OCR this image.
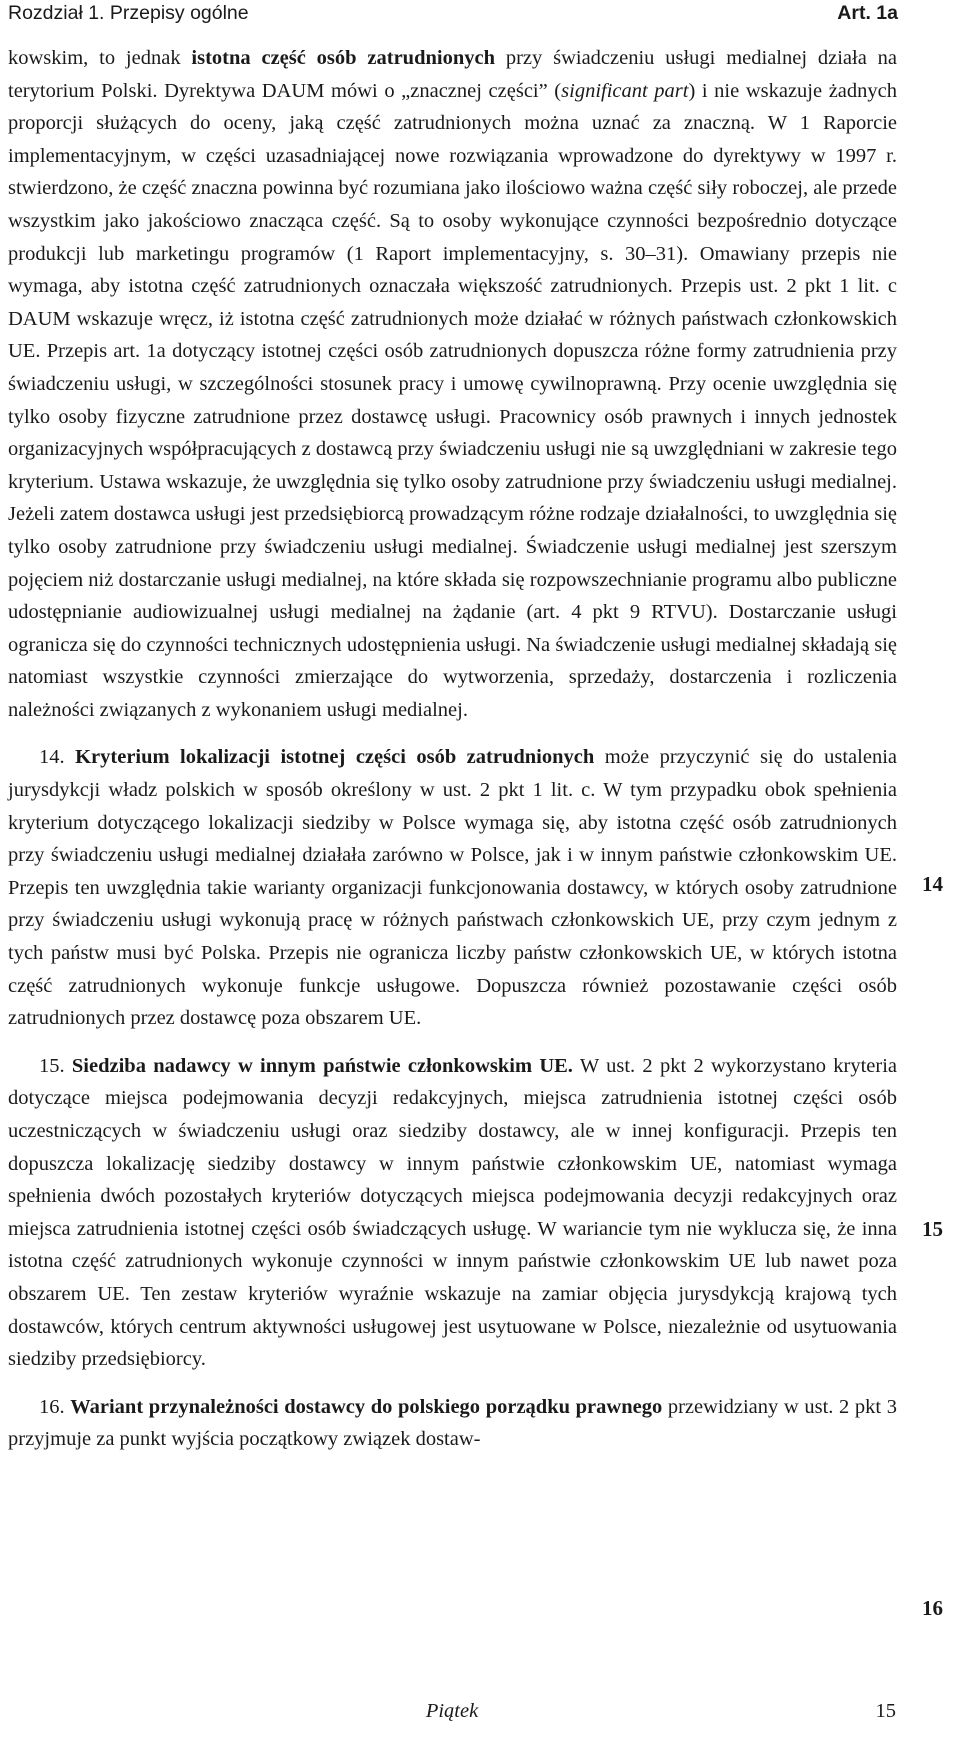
Rozdział 1. Przepisy ogólne	Art. 1a

kowskim, to jednak istotna część osób zatrudnionych przy świadczeniu usługi medialnej działa na terytorium Polski. Dyrektywa DAUM mówi o „znacznej części” (significant part) i nie wskazuje żadnych proporcji służących do oceny, jaką część zatrudnionych można uznać za znaczną. W 1 Raporcie implementacyjnym, w części uzasadniającej nowe rozwiązania wprowadzone do dyrektywy w 1997 r. stwierdzono, że część znaczna powinna być rozumiana jako ilościowo ważna część siły roboczej, ale przede wszystkim jako jakościowo znacząca część. Są to osoby wykonujące czynności bezpośrednio dotyczące produkcji lub marketingu programów (1 Raport implementacyjny, s. 30–31). Omawiany przepis nie wymaga, aby istotna część zatrudnionych oznaczała większość zatrudnionych. Przepis ust. 2 pkt 1 lit. c DAUM wskazuje wręcz, iż istotna część zatrudnionych może działać w różnych państwach członkowskich UE. Przepis art. 1a dotyczący istotnej części osób zatrudnionych dopuszcza różne formy zatrudnienia przy świadczeniu usługi, w szczególności stosunek pracy i umowę cywilnoprawną. Przy ocenie uwzględnia się tylko osoby fizyczne zatrudnione przez dostawcę usługi. Pracownicy osób prawnych i innych jednostek organizacyjnych współpracujących z dostawcą przy świadczeniu usługi nie są uwzględniani w zakresie tego kryterium. Ustawa wskazuje, że uwzględnia się tylko osoby zatrudnione przy świadczeniu usługi medialnej. Jeżeli zatem dostawca usługi jest przedsiębiorcą prowadzącym różne rodzaje działalności, to uwzględnia się tylko osoby zatrudnione przy świadczeniu usługi medialnej. Świadczenie usługi medialnej jest szerszym pojęciem niż dostarczanie usługi medialnej, na które składa się rozpowszechnianie programu albo publiczne udostępnianie audiowizualnej usługi medialnej na żądanie (art. 4 pkt 9 RTVU). Dostarczanie usługi ogranicza się do czynności technicznych udostępnienia usługi. Na świadczenie usługi medialnej składają się natomiast wszystkie czynności zmierzające do wytworzenia, sprzedaży, dostarczenia i rozliczenia należności związanych z wykonaniem usługi medialnej.

14. Kryterium lokalizacji istotnej części osób zatrudnionych może przyczynić się do ustalenia jurysdykcji władz polskich w sposób określony w ust. 2 pkt 1 lit. c. W tym przypadku obok spełnienia kryterium dotyczącego lokalizacji siedziby w Polsce wymaga się, aby istotna część osób zatrudnionych przy świadczeniu usługi medialnej działała zarówno w Polsce, jak i w innym państwie członkowskim UE. Przepis ten uwzględnia takie warianty organizacji funkcjonowania dostawcy, w których osoby zatrudnione przy świadczeniu usługi wykonują pracę w różnych państwach członkowskich UE, przy czym jednym z tych państw musi być Polska. Przepis nie ogranicza liczby państw członkowskich UE, w których istotna część zatrudnionych wykonuje funkcje usługowe. Dopuszcza również pozostawanie części osób zatrudnionych przez dostawcę poza obszarem UE.

15. Siedziba nadawcy w innym państwie członkowskim UE. W ust. 2 pkt 2 wykorzystano kryteria dotyczące miejsca podejmowania decyzji redakcyjnych, miejsca zatrudnienia istotnej części osób uczestniczących w świadczeniu usługi oraz siedziby dostawcy, ale w innej konfiguracji. Przepis ten dopuszcza lokalizację siedziby dostawcy w innym państwie członkowskim UE, natomiast wymaga spełnienia dwóch pozostałych kryteriów dotyczących miejsca podejmowania decyzji redakcyjnych oraz miejsca zatrudnienia istotnej części osób świadczących usługę. W wariancie tym nie wyklucza się, że inna istotna część zatrudnionych wykonuje czynności w innym państwie członkowskim UE lub nawet poza obszarem UE. Ten zestaw kryteriów wyraźnie wskazuje na zamiar objęcia jurysdykcją krajową tych dostawców, których centrum aktywności usługowej jest usytuowane w Polsce, niezależnie od usytuowania siedziby przedsiębiorcy.

16. Wariant przynależności dostawcy do polskiego porządku prawnego przewidziany w ust. 2 pkt 3 przyjmuje za punkt wyjścia początkowy związek dostaw-

14
15
16
Piątek	15
